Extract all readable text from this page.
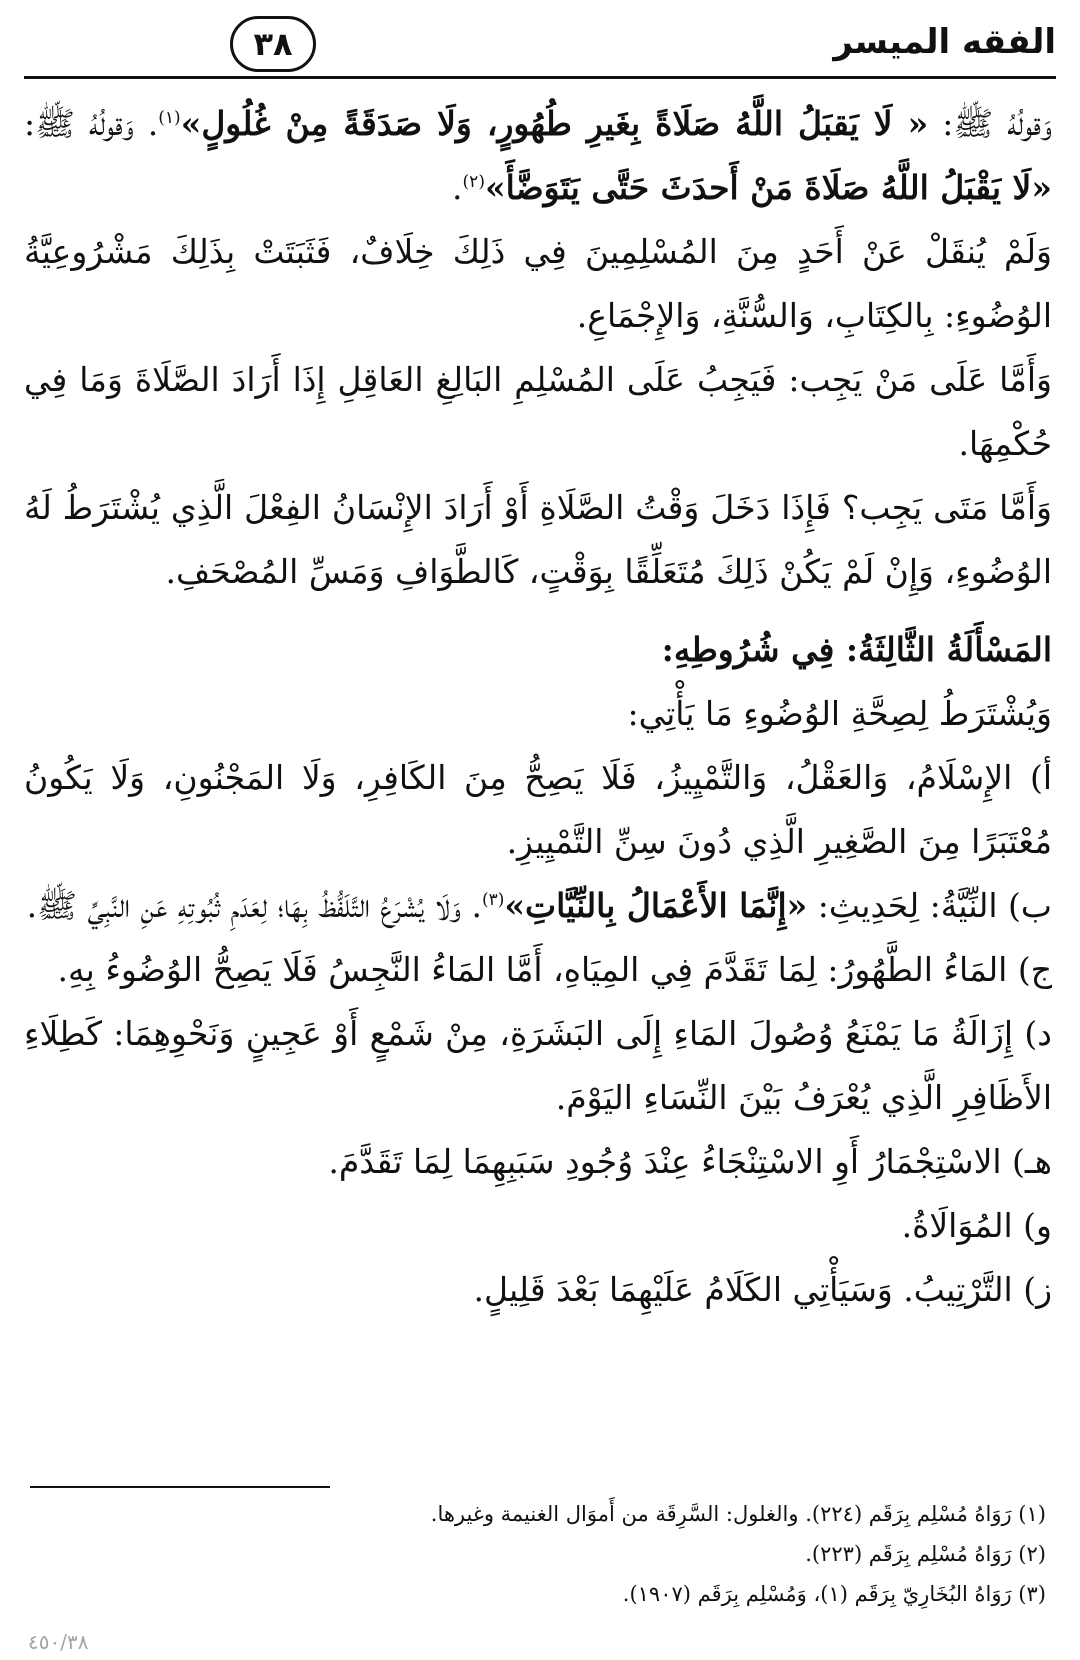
الفقه الميسر
٣٨

وَقولُهُ ﷺ: « لَا يَقبَلُ اللَّهُ صَلَاةً بِغَيرِ طُهُورٍ، وَلَا صَدَقَةً مِنْ غُلُولٍ»$^{(١)}$. وَقولُهُ ﷺ: «لَا يَقْبَلُ اللَّهُ صَلَاةَ مَنْ أَحدَثَ حَتَّى يَتَوَضَّأَ»$^{(٢)}$.

وَلَمْ يُنقَلْ عَنْ أَحَدٍ مِنَ المُسْلِمِينَ فِي ذَلِكَ خِلَافٌ، فَثَبَتَتْ بِذَلِكَ مَشْرُوعِيَّةُ الوُضُوءِ: بِالكِتَابِ، وَالسُّنَّةِ، وَالإِجْمَاعِ.

وَأَمَّا عَلَى مَنْ يَجِب: فَيَجِبُ عَلَى المُسْلِمِ البَالِغِ العَاقِلِ إِذَا أَرَادَ الصَّلَاةَ وَمَا فِي حُكْمِهَا.

وَأَمَّا مَتَى يَجِب؟ فَإِذَا دَخَلَ وَقْتُ الصَّلَاةِ أَوْ أَرَادَ الإِنْسَانُ الفِعْلَ الَّذِي يُشْتَرَطُ لَهُ الوُضُوءِ، وَإِنْ لَمْ يَكُنْ ذَلِكَ مُتَعَلِّقًا بِوَقْتٍ، كَالطَّوَافِ وَمَسِّ المُصْحَفِ.

المَسْأَلَةُ الثَّالِثَةُ: فِي شُرُوطِهِ:

وَيُشْتَرَطُ لِصِحَّةِ الوُضُوءِ مَا يَأْتِي:

أ) الإِسْلَامُ، وَالعَقْلُ، وَالتَّمْيِيزُ، فَلَا يَصِحُّ مِنَ الكَافِرِ، وَلَا المَجْنُونِ، وَلَا يَكُونُ مُعْتَبَرًا مِنَ الصَّغِيرِ الَّذِي دُونَ سِنِّ التَّمْيِيزِ.

ب) النِّيَّةُ: لِحَدِيثِ: «إِنَّمَا الأَعْمَالُ بِالنِّيَّاتِ»$^{(٣)}$. وَلَا يُشْرَعُ التَّلَفُّظُ بِهَا؛ لِعَدَمِ ثُبُوتِهِ عَنِ النَّبِيِّ ﷺ.

ج) المَاءُ الطَّهُورُ: لِمَا تَقَدَّمَ فِي المِيَاهِ، أَمَّا المَاءُ النَّجِسُ فَلَا يَصِحُّ الوُضُوءُ بِهِ.

د) إِزَالَةُ مَا يَمْنَعُ وُصُولَ المَاءِ إِلَى البَشَرَةِ، مِنْ شَمْعٍ أَوْ عَجِينٍ وَنَحْوِهِمَا: كَطِلَاءِ الأَظَافِرِ الَّذِي يُعْرَفُ بَيْنَ النِّسَاءِ اليَوْمَ.

هـ) الاسْتِجْمَارُ أَوِ الاسْتِنْجَاءُ عِنْدَ وُجُودِ سَبَبِهِمَا لِمَا تَقَدَّمَ.

و) المُوَالَاةُ.

ز) التَّرْتِيبُ. وَسَيَأْتِي الكَلَامُ عَلَيْهِمَا بَعْدَ قَلِيلٍ.

(١) رَوَاهُ مُسْلِم بِرَقَم (٢٢٤). والغلول: السَّرِقَة من أَموَال الغنيمة وغيرها.

(٢) رَوَاهُ مُسْلِم بِرَقَم (٢٢٣).

(٣) رَوَاهُ البُخَارِيّ بِرَقَم (١)، وَمُسْلِم بِرَقَم (١٩٠٧).

٤٥٠/٣٨
